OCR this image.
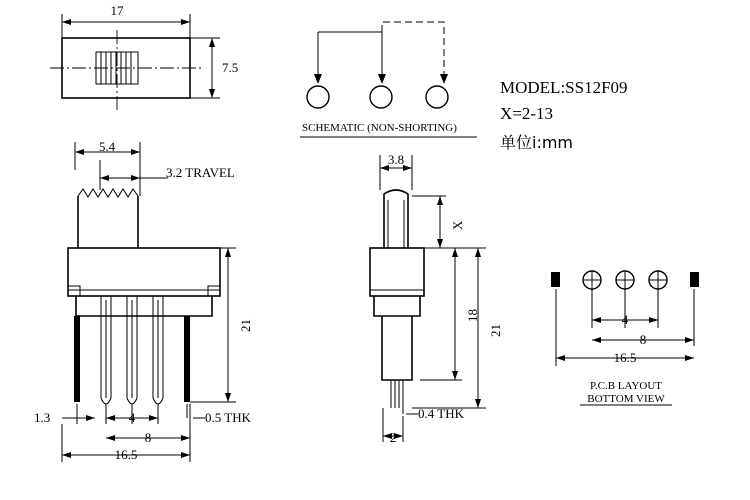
17
7.5
SCHEMATIC (NON-SHORTING)
MODEL:SS12F09
X=2-13
单位i:mm
5.4
3.2 TRAVEL
21
1.3	4
8
0.5 THK
16.5
3.8
X
18
21
0.4 THK
2
4
8
16.5
P.C.B LAYOUT
BOTTOM VIEW
